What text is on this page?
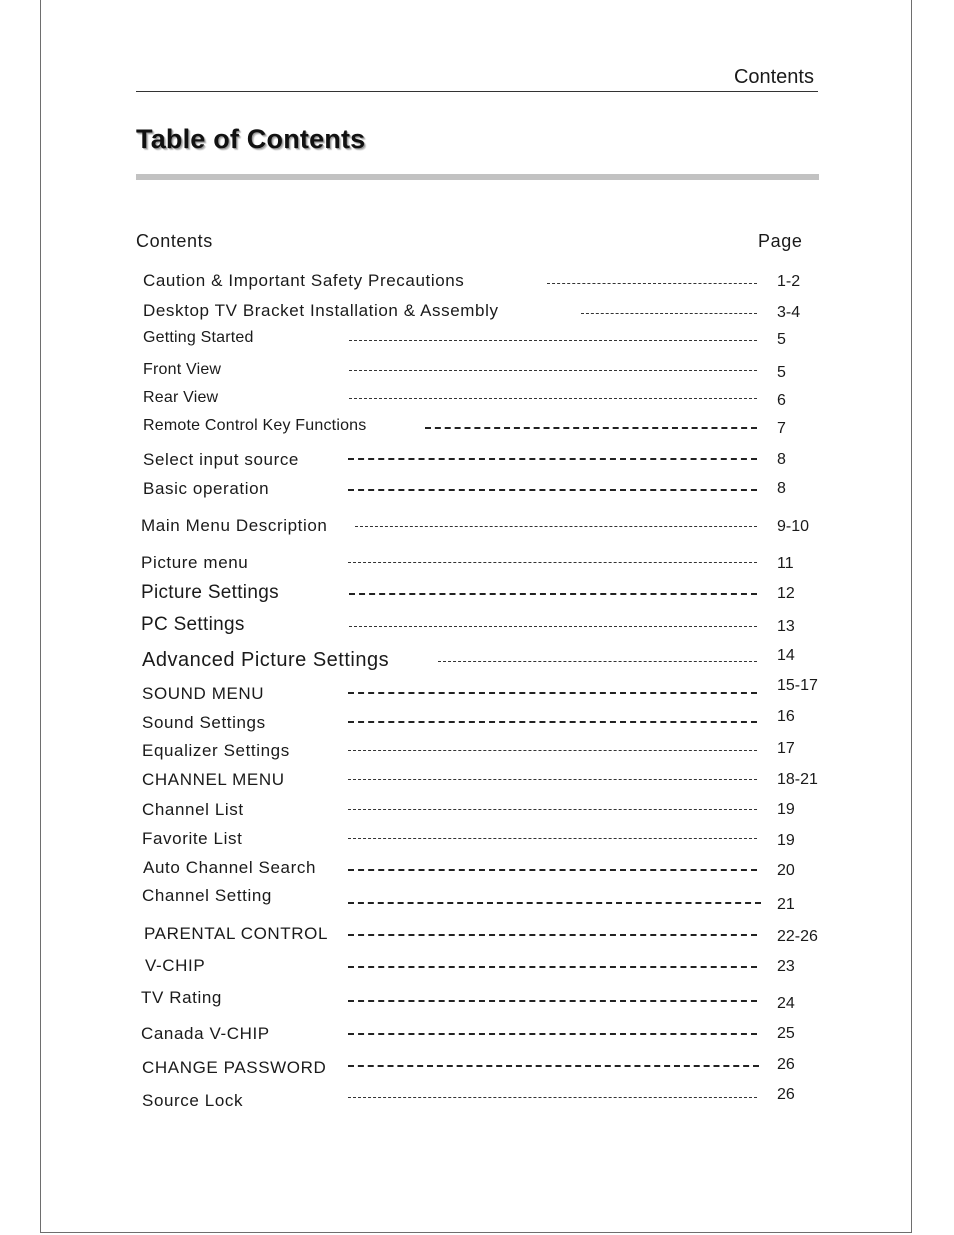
Contents
Table of Contents
Contents	Page
Caution & Important Safety Precautions	1-2
Desktop TV Bracket Installation & Assembly	3-4
Getting Started	5
Front View	5
Rear View	6
Remote Control Key Functions	7
Select input source	8
Basic operation	8
Main Menu Description	9-10
Picture menu	11
Picture Settings	12
PC Settings	13
Advanced Picture Settings	14
SOUND MENU	15-17
Sound Settings	16
Equalizer Settings	17
CHANNEL MENU	18-21
Channel List	19
Favorite List	19
Auto Channel Search	20
Channel Setting	21
PARENTAL CONTROL	22-26
V-CHIP	23
TV Rating	24
Canada V-CHIP	25
CHANGE PASSWORD	26
Source Lock	26
